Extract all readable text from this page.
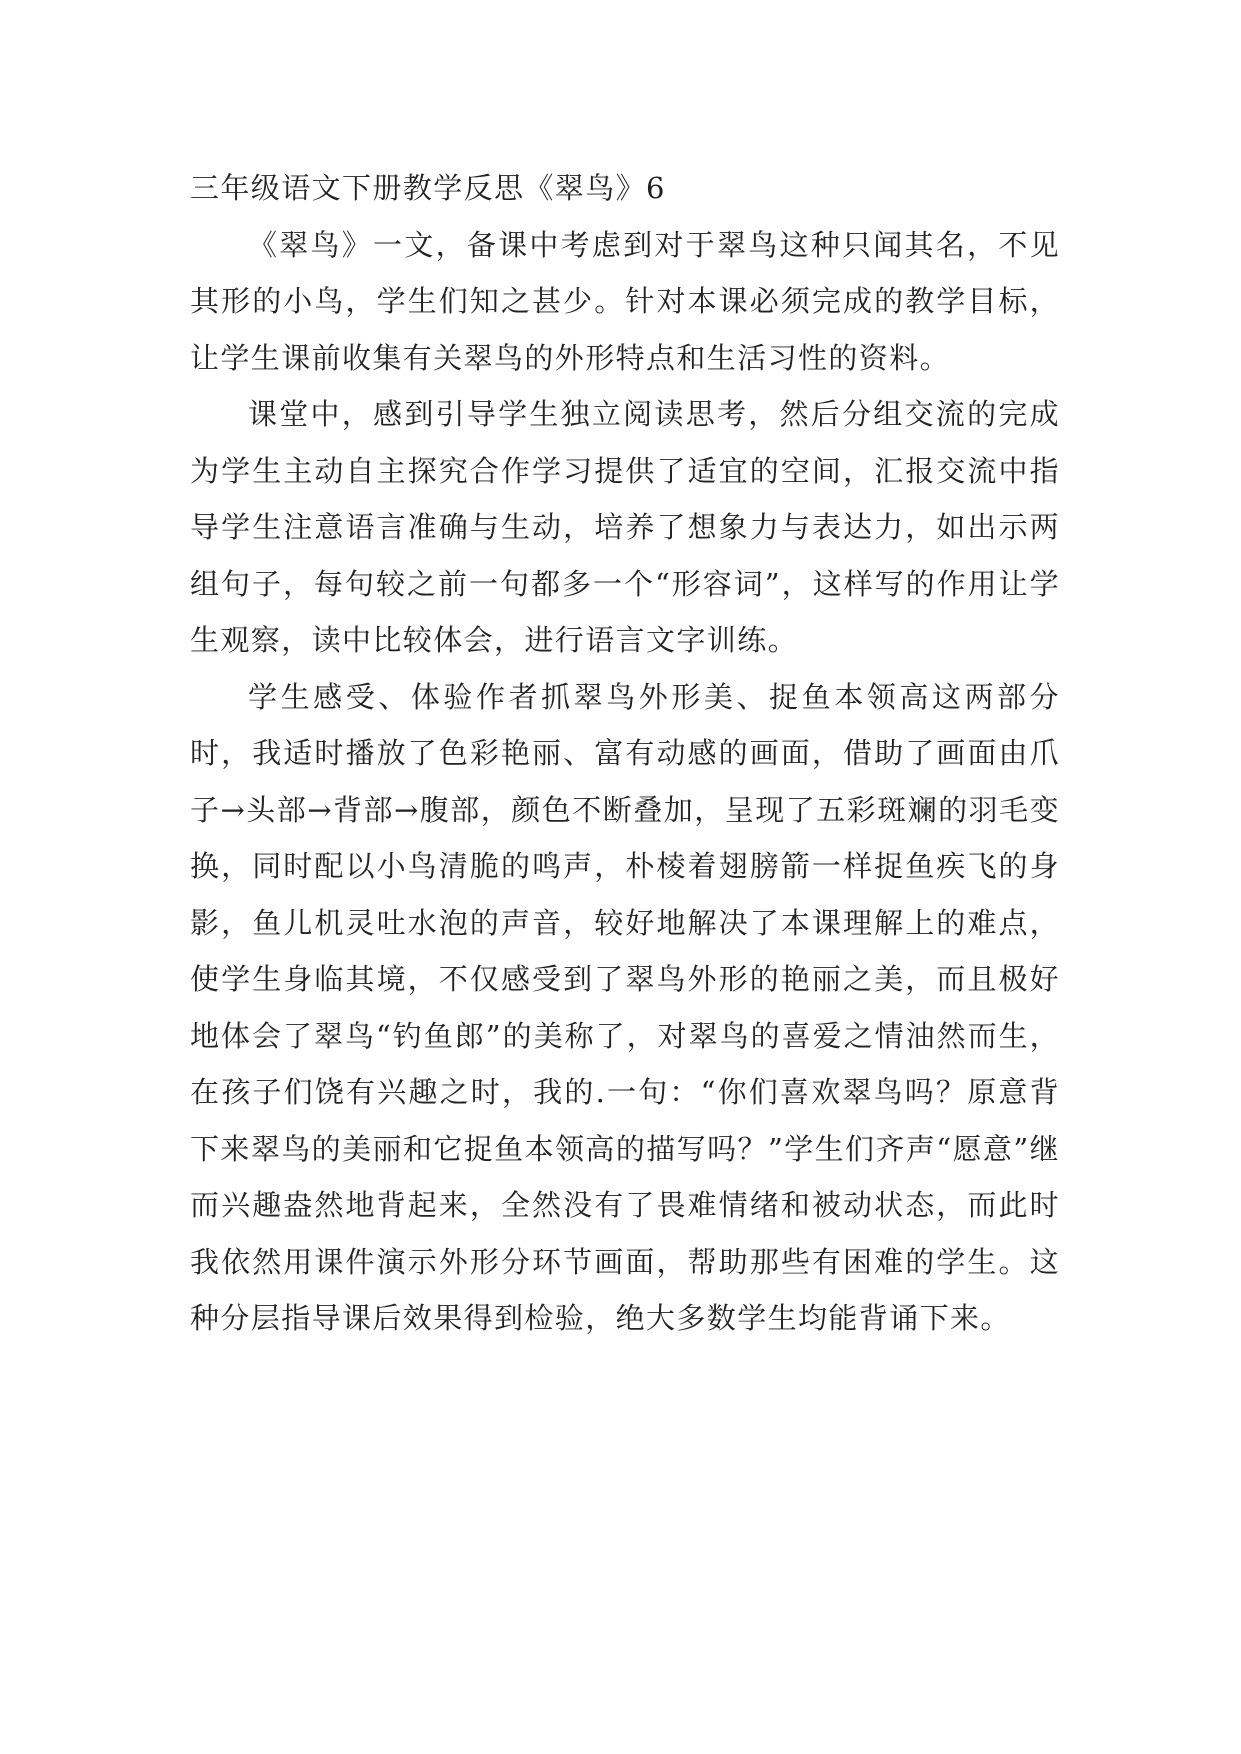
三年级语文下册教学反思《翠鸟》6

《翠鸟》一文，备课中考虑到对于翠鸟这种只闻其名，不见其形的小鸟，学生们知之甚少。针对本课必须完成的教学目标，让学生课前收集有关翠鸟的外形特点和生活习性的资料。

课堂中，感到引导学生独立阅读思考，然后分组交流的完成为学生主动自主探究合作学习提供了适宜的空间，汇报交流中指导学生注意语言准确与生动，培养了想象力与表达力，如出示两组句子，每句较之前一句都多一个“形容词”，这样写的作用让学生观察，读中比较体会，进行语言文字训练。

学生感受、体验作者抓翠鸟外形美、捉鱼本领高这两部分时，我适时播放了色彩艳丽、富有动感的画面，借助了画面由爪子→头部→背部→腹部，颜色不断叠加，呈现了五彩斑斓的羽毛变换，同时配以小鸟清脆的鸣声，朴棱着翅膀箭一样捉鱼疾飞的身影，鱼儿机灵吐水泡的声音，较好地解决了本课理解上的难点，使学生身临其境，不仅感受到了翠鸟外形的艳丽之美，而且极好地体会了翠鸟“钓鱼郎”的美称了，对翠鸟的喜爱之情油然而生，在孩子们饶有兴趣之时，我的.一句：“你们喜欢翠鸟吗？原意背下来翠鸟的美丽和它捉鱼本领高的描写吗？”学生们齐声“愿意”继而兴趣盎然地背起来，全然没有了畏难情绪和被动状态，而此时我依然用课件演示外形分环节画面，帮助那些有困难的学生。这种分层指导课后效果得到检验，绝大多数学生均能背诵下来。
